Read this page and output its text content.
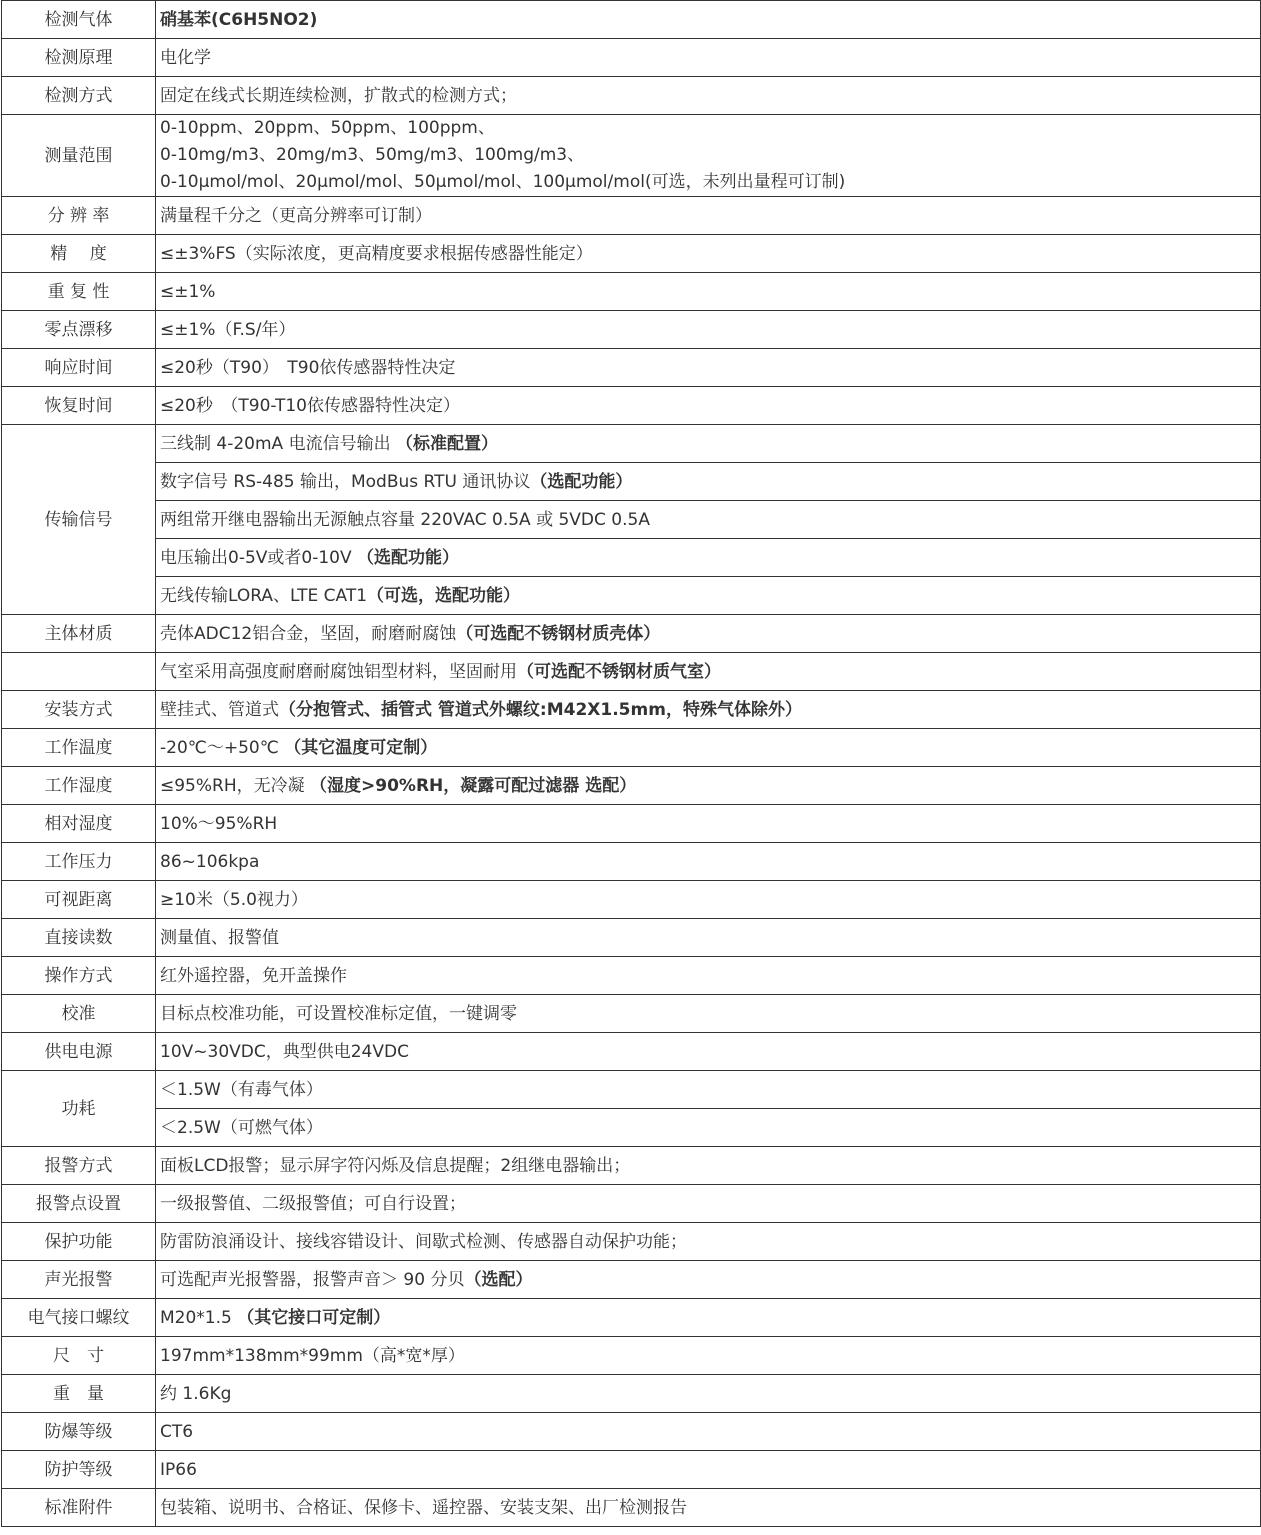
检测气体	硝基苯(C6H5NO2)

检测原理	电化学

检测方式	固定在线式长期连续检测，扩散式的检测方式；

测量范围	0-10ppm、20ppm、50ppm、100ppm、
0-10mg/m3、20mg/m3、50mg/m3、100mg/m3、
0-10μmol/mol、20μmol/mol、50μmol/mol、100μmol/mol(可选，未列出量程可订制)

分 辨 率	满量程千分之（更高分辨率可订制）

精　 度	≤±3%FS（实际浓度，更高精度要求根据传感器性能定）

重 复 性	≤±1%

零点漂移	≤±1%（F.S/年）

响应时间	≤20秒（T90）　T90依传感器特性决定

恢复时间	≤20秒　（T90-T10依传感器特性决定）

传输信号	三线制 4-20mA 电流信号输出 （标准配置）

	数字信号 RS-485 输出，ModBus RTU 通讯协议（选配功能）

	两组常开继电器输出无源触点容量 220VAC 0.5A 或 5VDC 0.5A

	电压输出0-5V或者0-10V （选配功能）

	无线传输LORA、LTE CAT1（可选，选配功能）

主体材质	壳体ADC12铝合金，坚固，耐磨耐腐蚀（可选配不锈钢材质壳体）

	气室采用高强度耐磨耐腐蚀铝型材料，坚固耐用（可选配不锈钢材质气室）

安装方式	壁挂式、管道式（分抱管式、插管式 管道式外螺纹:M42X1.5mm，特殊气体除外）

工作温度	-20℃～+50℃ （其它温度可定制）

工作湿度	≤95%RH，无冷凝 （湿度>90%RH，凝露可配过滤器 选配）

相对湿度	10%～95%RH

工作压力	86~106kpa

可视距离	≥10米（5.0视力）

直接读数	测量值、报警值

操作方式	红外遥控器，免开盖操作

校准	目标点校准功能，可设置校准标定值，一键调零

供电电源	10V~30VDC，典型供电24VDC

功耗	＜1.5W（有毒气体）

	＜2.5W（可燃气体）

报警方式	面板LCD报警；显示屏字符闪烁及信息提醒；2组继电器输出；

报警点设置	一级报警值、二级报警值；可自行设置；

保护功能	防雷防浪涌设计、接线容错设计、间歇式检测、传感器自动保护功能；

声光报警	可选配声光报警器，报警声音＞ 90 分贝（选配）

电气接口螺纹	M20*1.5 （其它接口可定制）

尺　寸	197mm*138mm*99mm（高*宽*厚）

重　量	约 1.6Kg

防爆等级	CT6

防护等级	IP66

标准附件	包装箱、说明书、合格证、保修卡、遥控器、安装支架、出厂检测报告
